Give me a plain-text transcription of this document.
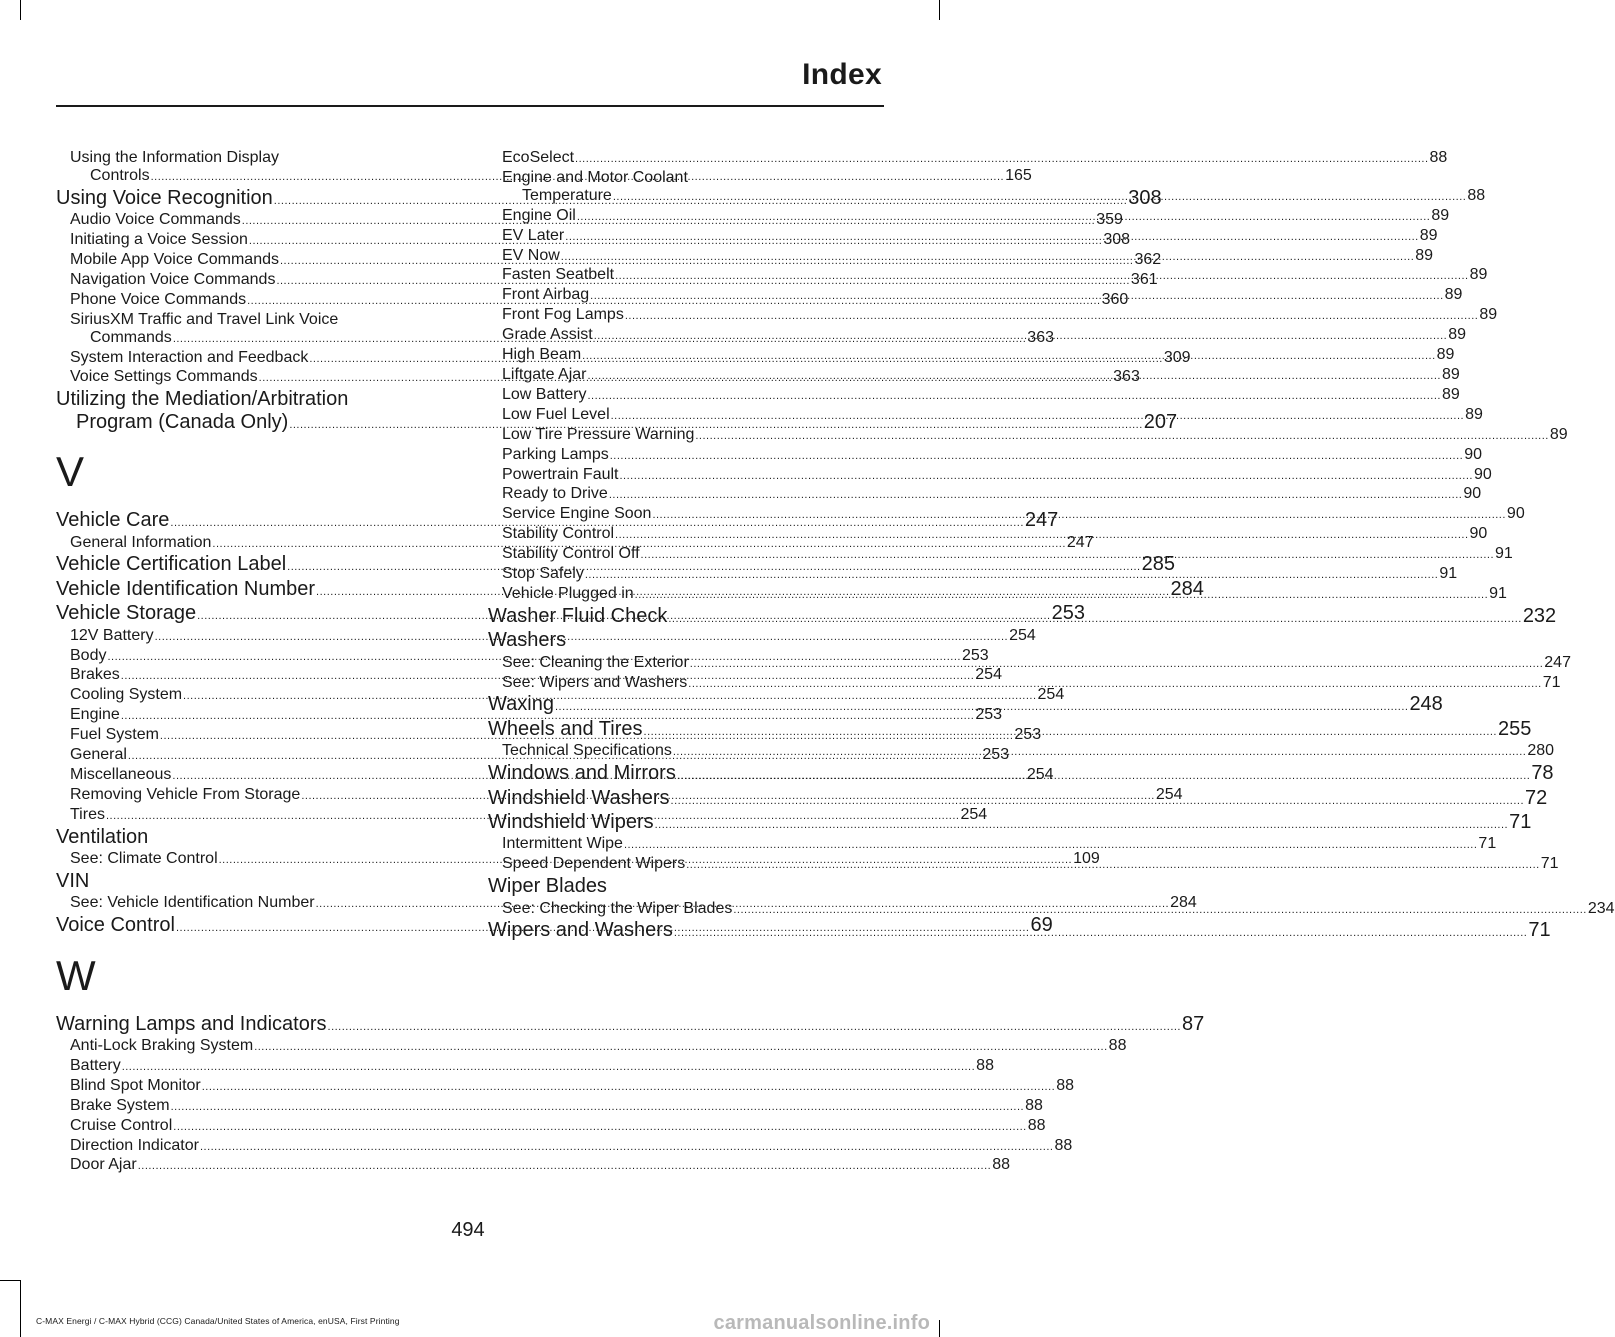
Index
Using the Information Display
Controls .....	165
Using Voice Recognition .....	308
Audio Voice Commands .....	359
Initiating a Voice Session .....	308
Mobile App Voice Commands .....	362
Navigation Voice Commands .....	361
Phone Voice Commands .....	360
SiriusXM Traffic and Travel Link Voice
Commands .....	363
System Interaction and Feedback .....	309
Voice Settings Commands .....	363
Utilizing the Mediation/Arbitration
Program (Canada Only) .....	207
V
Vehicle Care .....	247
General Information .....	247
Vehicle Certification Label .....	285
Vehicle Identification Number .....	284
Vehicle Storage .....	253
12V Battery .....	254
Body .....	253
Brakes .....	254
Cooling System .....	254
Engine .....	253
Fuel System .....	253
General .....	253
Miscellaneous .....	254
Removing Vehicle From Storage .....	254
Tires .....	254
Ventilation
See: Climate Control .....	109
VIN
See: Vehicle Identification Number .....	284
Voice Control .....	69
W
Warning Lamps and Indicators .....	87
Anti-Lock Braking System .....	88
Battery .....	88
Blind Spot Monitor .....	88
Brake System .....	88
Cruise Control .....	88
Direction Indicator .....	88
Door Ajar .....	88
EcoSelect .....	88
Engine and Motor Coolant
Temperature .....	88
Engine Oil .....	89
EV Later .....	89
EV Now .....	89
Fasten Seatbelt .....	89
Front Airbag .....	89
Front Fog Lamps .....	89
Grade Assist .....	89
High Beam .....	89
Liftgate Ajar .....	89
Low Battery .....	89
Low Fuel Level .....	89
Low Tire Pressure Warning .....	89
Parking Lamps .....	90
Powertrain Fault .....	90
Ready to Drive .....	90
Service Engine Soon .....	90
Stability Control .....	90
Stability Control Off .....	91
Stop Safely .....	91
Vehicle Plugged in .....	91
Washer Fluid Check .....	232
Washers
See: Cleaning the Exterior .....	247
See: Wipers and Washers .....	71
Waxing .....	248
Wheels and Tires .....	255
Technical Specifications .....	280
Windows and Mirrors .....	78
Windshield Washers .....	72
Windshield Wipers .....	71
Intermittent Wipe .....	71
Speed Dependent Wipers .....	71
Wiper Blades
See: Checking the Wiper Blades .....	234
Wipers and Washers .....	71
494
C-MAX Energi / C-MAX Hybrid (CCG) Canada/United States of America, enUSA, First Printing	carmanualsonline.info
